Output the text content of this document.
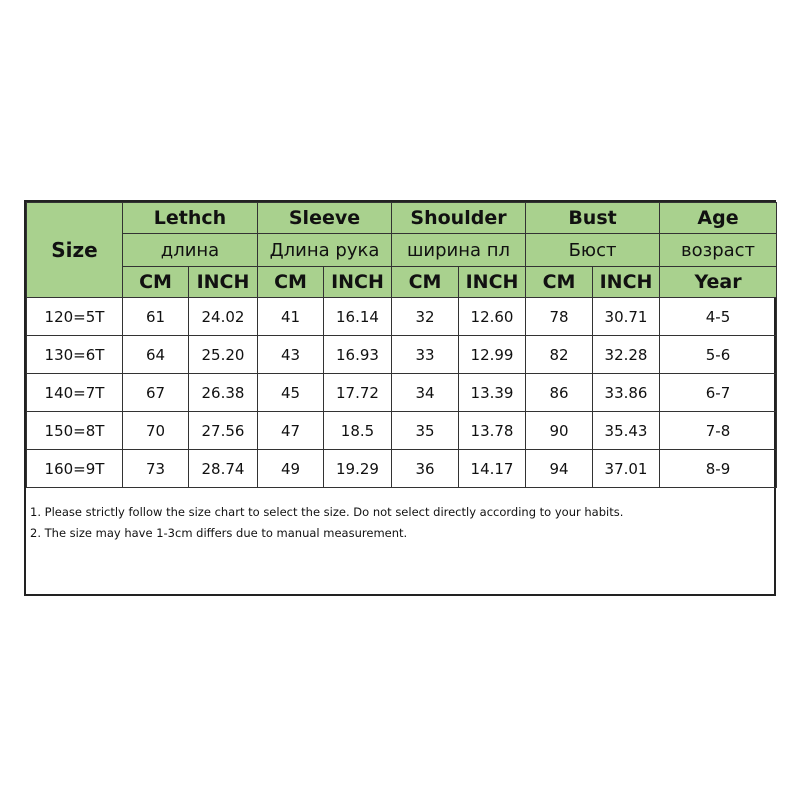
Size	Lethch		Sleeve		Shoulder		Bust		Age
	длина		Длина рука		ширина пл		Бюст		возраст
	CM	INCH	CM	INCH	CM	INCH	CM	INCH	Year
120=5T	61	24.02	41	16.14	32	12.60	78	30.71	4-5
130=6T	64	25.20	43	16.93	33	12.99	82	32.28	5-6
140=7T	67	26.38	45	17.72	34	13.39	86	33.86	6-7
150=8T	70	27.56	47	18.5	35	13.78	90	35.43	7-8
160=9T	73	28.74	49	19.29	36	14.17	94	37.01	8-9
1. Please strictly follow the size chart to select the size. Do not select directly according to your habits.
2. The size may have 1-3cm differs due to manual measurement.
